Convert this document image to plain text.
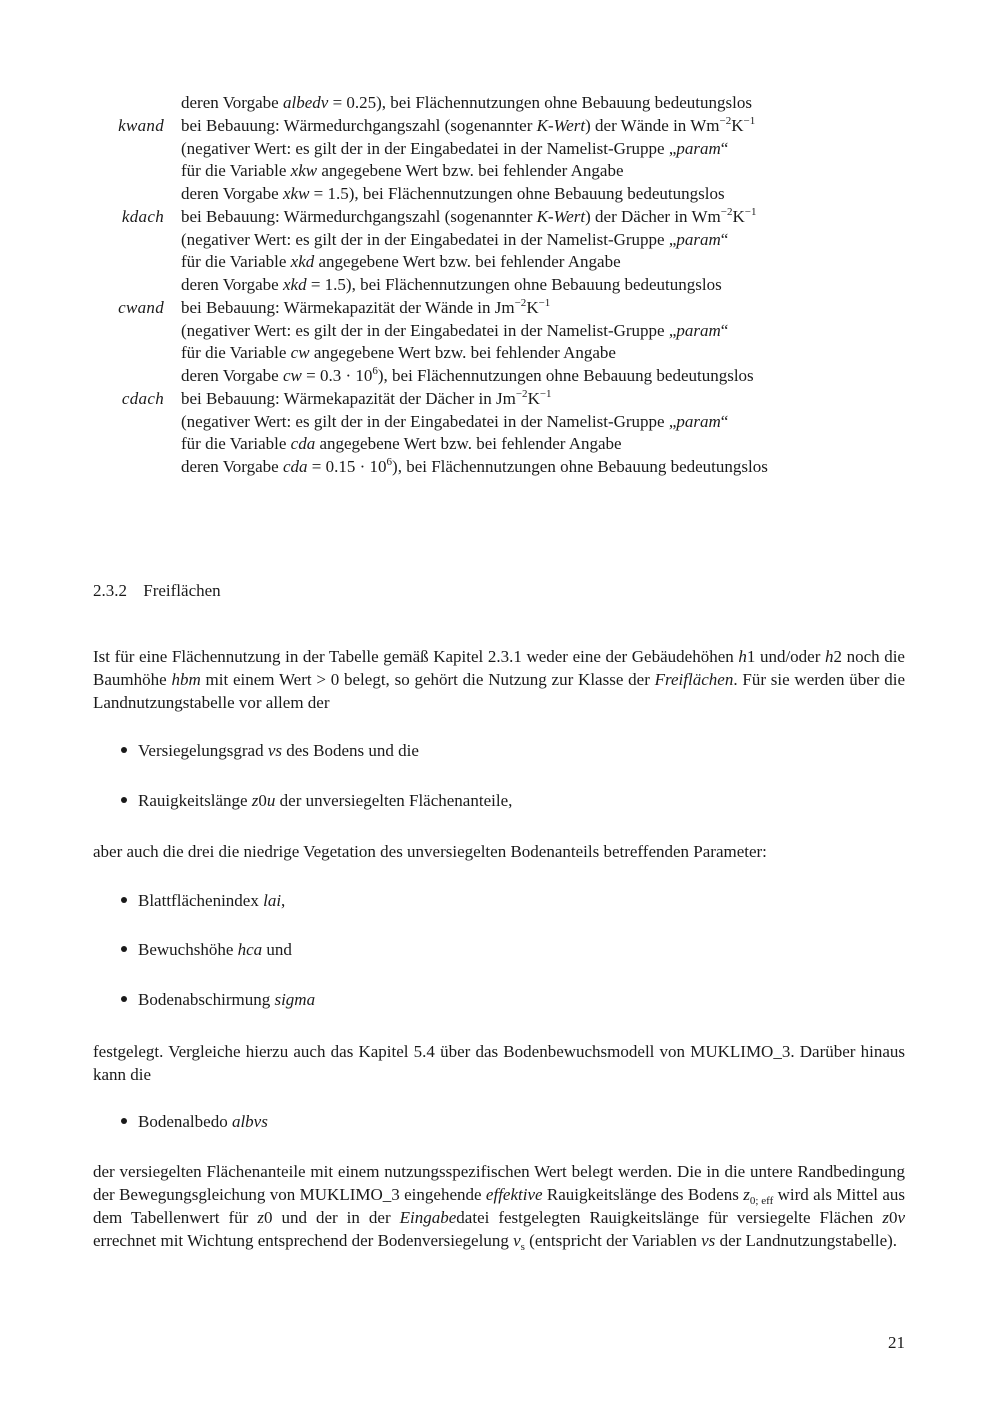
deren Vorgabe albedv = 0.25), bei Flächennutzungen ohne Bebauung bedeutungslos
kwand bei Bebauung: Wärmedurchgangszahl (sogenannter K-Wert) der Wände in $Wm^{-2}K^{-1}$
(negativer Wert: es gilt der in der Eingabedatei in der Namelist-Gruppe „param“
für die Variable xkw angegebene Wert bzw. bei fehlender Angabe
deren Vorgabe xkw = 1.5), bei Flächennutzungen ohne Bebauung bedeutungslos
kdach bei Bebauung: Wärmedurchgangszahl (sogenannter K-Wert) der Dächer in $Wm^{-2}K^{-1}$
(negativer Wert: es gilt der in der Eingabedatei in der Namelist-Gruppe „param“
für die Variable xkd angegebene Wert bzw. bei fehlender Angabe
deren Vorgabe xkd = 1.5), bei Flächennutzungen ohne Bebauung bedeutungslos
cwand bei Bebauung: Wärmekapazität der Wände in $Jm^{-2}K^{-1}$
(negativer Wert: es gilt der in der Eingabedatei in der Namelist-Gruppe „param“
für die Variable cw angegebene Wert bzw. bei fehlender Angabe
deren Vorgabe cw = $0.3 \cdot 10^6$), bei Flächennutzungen ohne Bebauung bedeutungslos
cdach bei Bebauung: Wärmekapazität der Dächer in $Jm^{-2}K^{-1}$
(negativer Wert: es gilt der in der Eingabedatei in der Namelist-Gruppe „param“
für die Variable cda angegebene Wert bzw. bei fehlender Angabe
deren Vorgabe cda = $0.15 \cdot 10^6$), bei Flächennutzungen ohne Bebauung bedeutungslos
2.3.2 Freiflächen
Ist für eine Flächennutzung in der Tabelle gemäß Kapitel 2.3.1 weder eine der Gebäudehöhen h1 und/oder h2 noch die Baumhöhe hbm mit einem Wert > 0 belegt, so gehört die Nutzung zur Klasse der Freiflächen. Für sie werden über die Landnutzungstabelle vor allem der
Versiegelungsgrad vs des Bodens und die
Rauigkeitslänge z0u der unversiegelten Flächenanteile,
aber auch die drei die niedrige Vegetation des unversiegelten Bodenanteils betreffenden Parameter:
Blattflächenindex lai,
Bewuchshöhe hca und
Bodenabschirmung sigma
festgelegt. Vergleiche hierzu auch das Kapitel 5.4 über das Bodenbewuchsmodell von MUKLIMO_3. Darüber hinaus kann die
Bodenalbedo albvs
der versiegelten Flächenanteile mit einem nutzungsspezifischen Wert belegt werden. Die in die untere Randbedingung der Bewegungsgleichung von MUKLIMO_3 eingehende effektive Rauigkeitslänge des Bodens $z_{0; eff}$ wird als Mittel aus dem Tabellenwert für z0 und der in der Eingabedatei festgelegten Rauigkeitslänge für versiegelte Flächen z0v errechnet mit Wichtung entsprechend der Bodenversiegelung $v_s$ (entspricht der Variablen vs der Landnutzungstabelle).
21
